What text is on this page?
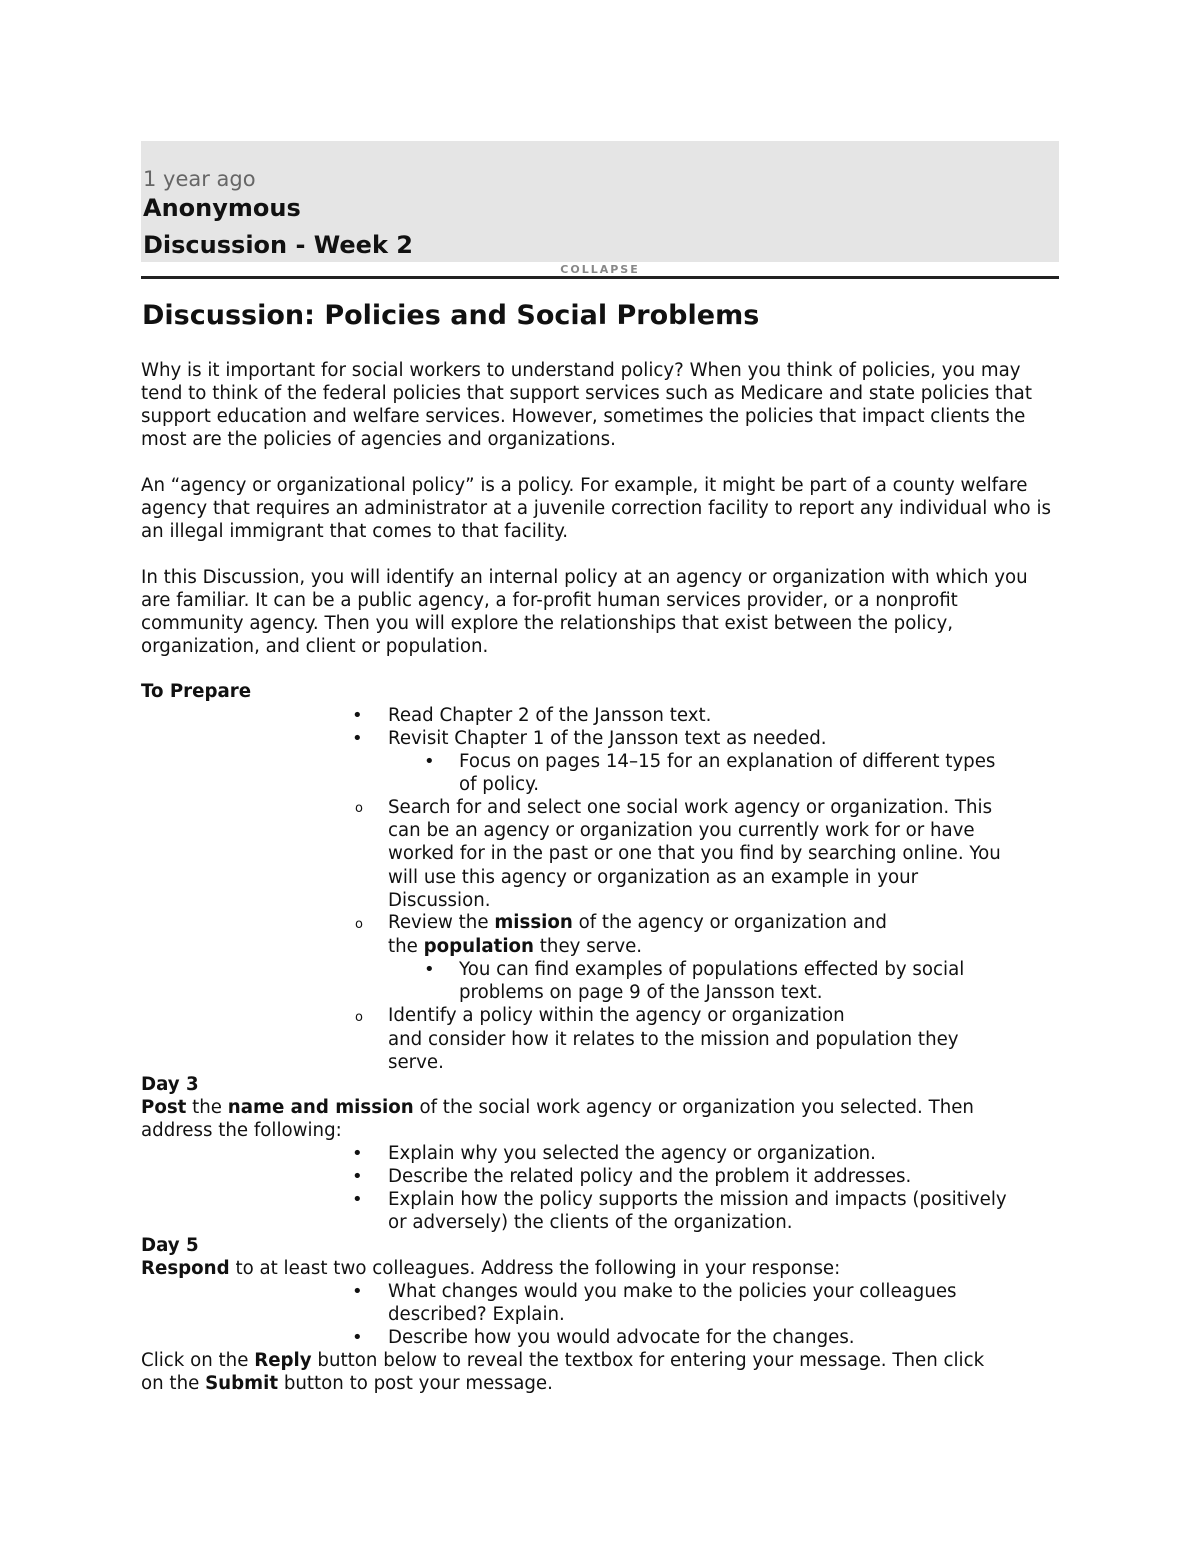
1 year ago
Anonymous
Discussion - Week 2
COLLAPSE
Discussion: Policies and Social Problems

Why is it important for social workers to understand policy? When you think of policies, you may tend to think of the federal policies that support services such as Medicare and state policies that support education and welfare services. However, sometimes the policies that impact clients the most are the policies of agencies and organizations.

An “agency or organizational policy” is a policy. For example, it might be part of a county welfare agency that requires an administrator at a juvenile correction facility to report any individual who is an illegal immigrant that comes to that facility.

In this Discussion, you will identify an internal policy at an agency or organization with which you are familiar. It can be a public agency, a for-profit human services provider, or a nonprofit community agency. Then you will explore the relationships that exist between the policy, organization, and client or population.

To Prepare
• Read Chapter 2 of the Jansson text.
• Revisit Chapter 1 of the Jansson text as needed.
• Focus on pages 14–15 for an explanation of different types
of policy.
o Search for and select one social work agency or organization. This
can be an agency or organization you currently work for or have
worked for in the past or one that you find by searching online. You
will use this agency or organization as an example in your
Discussion.
o Review the mission of the agency or organization and
the population they serve.
• You can find examples of populations effected by social
problems on page 9 of the Jansson text.
o Identify a policy within the agency or organization
and consider how it relates to the mission and population they
serve.
Day 3
Post the name and mission of the social work agency or organization you selected. Then
address the following:
• Explain why you selected the agency or organization.
• Describe the related policy and the problem it addresses.
• Explain how the policy supports the mission and impacts (positively
or adversely) the clients of the organization.
Day 5
Respond to at least two colleagues. Address the following in your response:
• What changes would you make to the policies your colleagues
described? Explain.
• Describe how you would advocate for the changes.
Click on the Reply button below to reveal the textbox for entering your message. Then click
on the Submit button to post your message.
